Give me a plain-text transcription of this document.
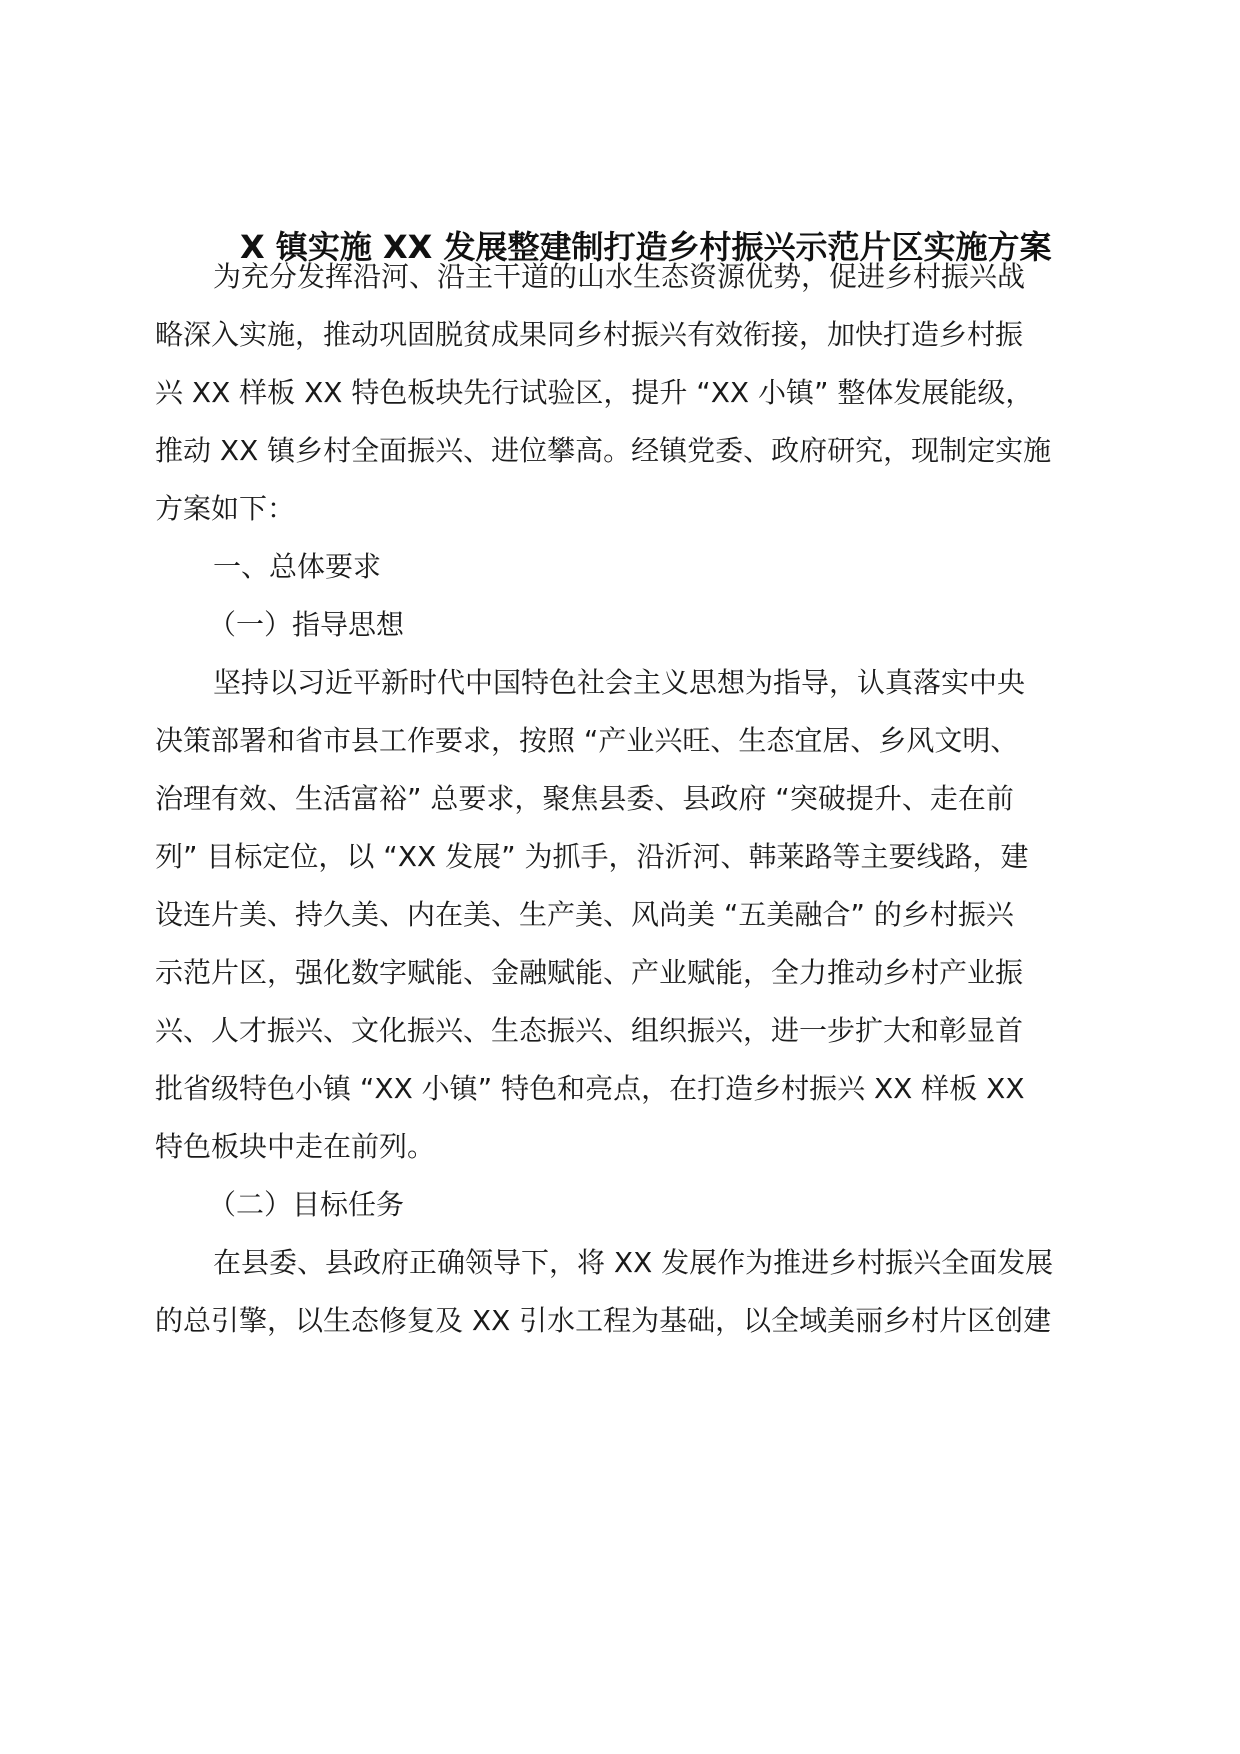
X 镇实施 XX 发展整建制打造乡村振兴示范片区实施方案
为充分发挥沿河、沿主干道的山水生态资源优势，促进乡村振兴战
略深入实施，推动巩固脱贫成果同乡村振兴有效衔接，加快打造乡村振
兴 XX 样板 XX 特色板块先行试验区，提升 “XX 小镇” 整体发展能级，
推动 XX 镇乡村全面振兴、进位攀高。经镇党委、政府研究，现制定实施
方案如下：
一、总体要求
（一）指导思想
坚持以习近平新时代中国特色社会主义思想为指导，认真落实中央
决策部署和省市县工作要求，按照 “产业兴旺、生态宜居、乡风文明、
治理有效、生活富裕” 总要求，聚焦县委、县政府 “突破提升、走在前
列” 目标定位，以 “XX 发展” 为抓手，沿沂河、韩莱路等主要线路，建
设连片美、持久美、内在美、生产美、风尚美 “五美融合” 的乡村振兴
示范片区，强化数字赋能、金融赋能、产业赋能，全力推动乡村产业振
兴、人才振兴、文化振兴、生态振兴、组织振兴，进一步扩大和彰显首
批省级特色小镇 “XX 小镇” 特色和亮点，在打造乡村振兴 XX 样板 XX
特色板块中走在前列。
（二）目标任务
在县委、县政府正确领导下，将 XX 发展作为推进乡村振兴全面发展
的总引擎，以生态修复及 XX 引水工程为基础，以全域美丽乡村片区创建
